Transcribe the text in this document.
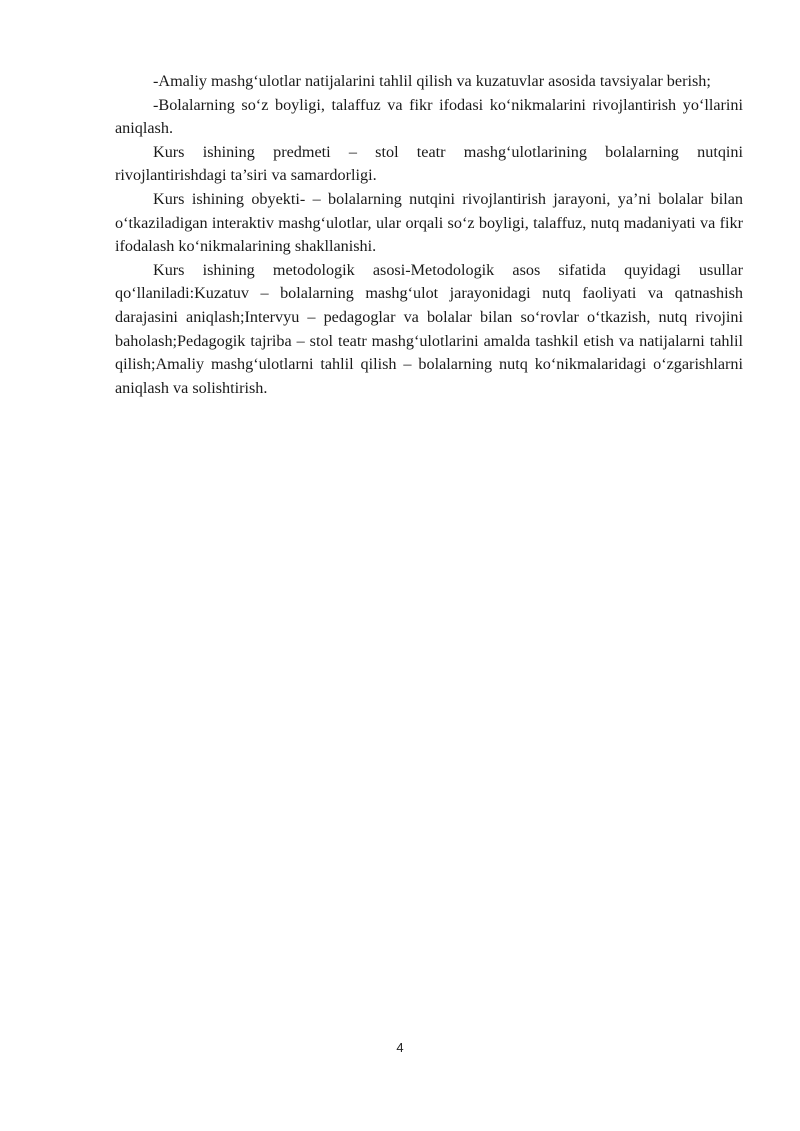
-Amaliy mashg‘ulotlar natijalarini tahlil qilish va kuzatuvlar asosida tavsiyalar berish;

-Bolalarning so‘z boyligi, talaffuz va fikr ifodasi ko‘nikmalarini rivojlantirish yo‘llarini aniqlash.

Kurs ishining predmeti – stol teatr mashg‘ulotlarining bolalarning nutqini rivojlantirishdagi ta’siri va samardorligi.

Kurs ishining obyekti- – bolalarning nutqini rivojlantirish jarayoni, ya’ni bolalar bilan o‘tkaziladigan interaktiv mashg‘ulotlar, ular orqali so‘z boyligi, talaffuz, nutq madaniyati va fikr ifodalash ko‘nikmalarining shakllanishi.

Kurs ishining metodologik asosi-Metodologik asos sifatida quyidagi usullar qo‘llaniladi:Kuzatuv – bolalarning mashg‘ulot jarayonidagi nutq faoliyati va qatnashish darajasini aniqlash;Intervyu – pedagoglar va bolalar bilan so‘rovlar o‘tkazish, nutq rivojini baholash;Pedagogik tajriba – stol teatr mashg‘ulotlarini amalda tashkil etish va natijalarni tahlil qilish;Amaliy mashg‘ulotlarni tahlil qilish – bolalarning nutq ko‘nikmalaridagi o‘zgarishlarni aniqlash va solishtirish.

4
